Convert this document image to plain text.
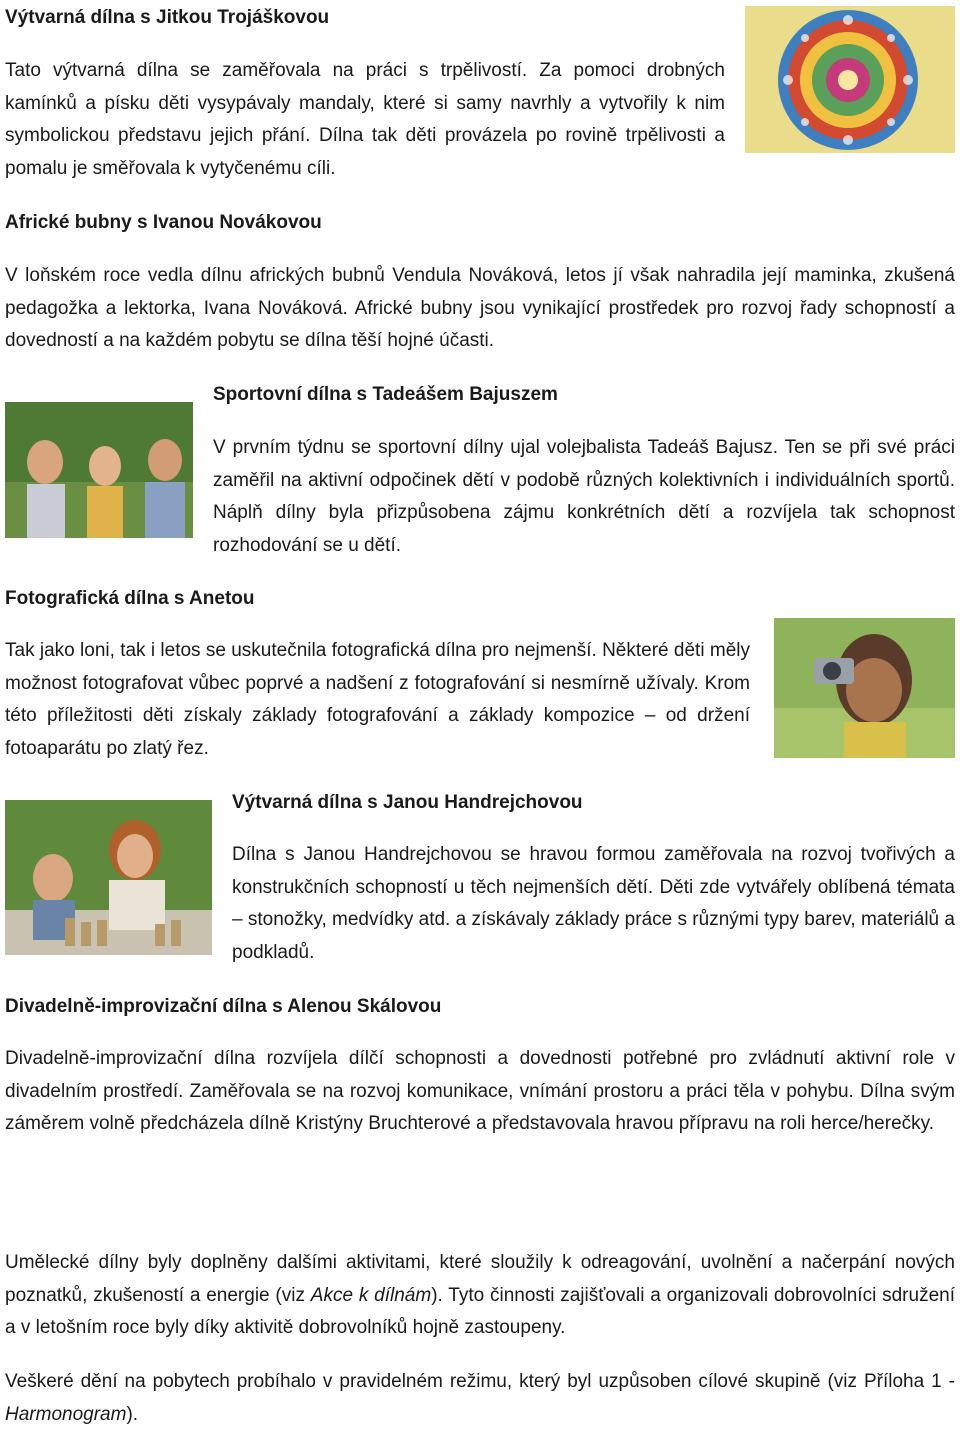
Výtvarná dílna s Jitkou Trojáškovou
Tato výtvarná dílna se zaměřovala na práci s trpělivostí. Za pomoci drobných kamínků a písku děti vysypávaly mandaly, které si samy navrhly a vytvořily k nim symbolickou představu jejich přání. Dílna tak děti provázela po rovině trpělivosti a pomalu je směřovala k vytyčenému cíli.
Africké bubny s Ivanou Novákovou
V loňském roce vedla dílnu afrických bubnů Vendula Nováková, letos jí však nahradila její maminka, zkušená pedagožka a lektorka, Ivana Nováková. Africké bubny jsou vynikající prostředek pro rozvoj řady schopností a dovedností a na každém pobytu se dílna těší hojné účasti.
Sportovní dílna s Tadeášem Bajuszem
V prvním týdnu se sportovní dílny ujal volejbalista Tadeáš Bajusz. Ten se při své práci zaměřil na aktivní odpočinek dětí v podobě různých kolektivních i individuálních sportů. Náplň dílny byla přizpůsobena zájmu konkrétních dětí a rozvíjela tak schopnost rozhodování se u dětí.
Fotografická dílna s Anetou
Tak jako loni, tak i letos se uskutečnila fotografická dílna pro nejmenší. Některé děti měly možnost fotografovat vůbec poprvé a nadšení z fotografování si nesmírně užívaly. Krom této příležitosti děti získaly základy fotografování a základy kompozice – od držení fotoaparátu po zlatý řez.
Výtvarná dílna s Janou Handrejchovou
Dílna s Janou Handrejchovou se hravou formou zaměřovala na rozvoj tvořivých a konstrukčních schopností u těch nejmenších dětí. Děti zde vytvářely oblíbená témata – stonožky, medvídky atd. a získávaly základy práce s různými typy barev, materiálů a podkladů.
Divadelně-improvizační dílna s Alenou Skálovou
Divadelně-improvizační dílna rozvíjela dílčí schopnosti a dovednosti potřebné pro zvládnutí aktivní role v divadelním prostředí. Zaměřovala se na rozvoj komunikace, vnímání prostoru a práci těla v pohybu. Dílna svým záměrem volně předcházela dílně Kristýny Bruchterové a představovala hravou přípravu na roli herce/herečky.
Umělecké dílny byly doplněny dalšími aktivitami, které sloužily k odreagování, uvolnění a načerpání nových poznatků, zkušeností a energie (viz Akce k dílnám). Tyto činnosti zajišťovali a organizovali dobrovolníci sdružení a v letošním roce byly díky aktivitě dobrovolníků hojně zastoupeny.
Veškeré dění na pobytech probíhalo v pravidelném režimu, který byl uzpůsoben cílové skupině (viz Příloha 1 - Harmonogram).
